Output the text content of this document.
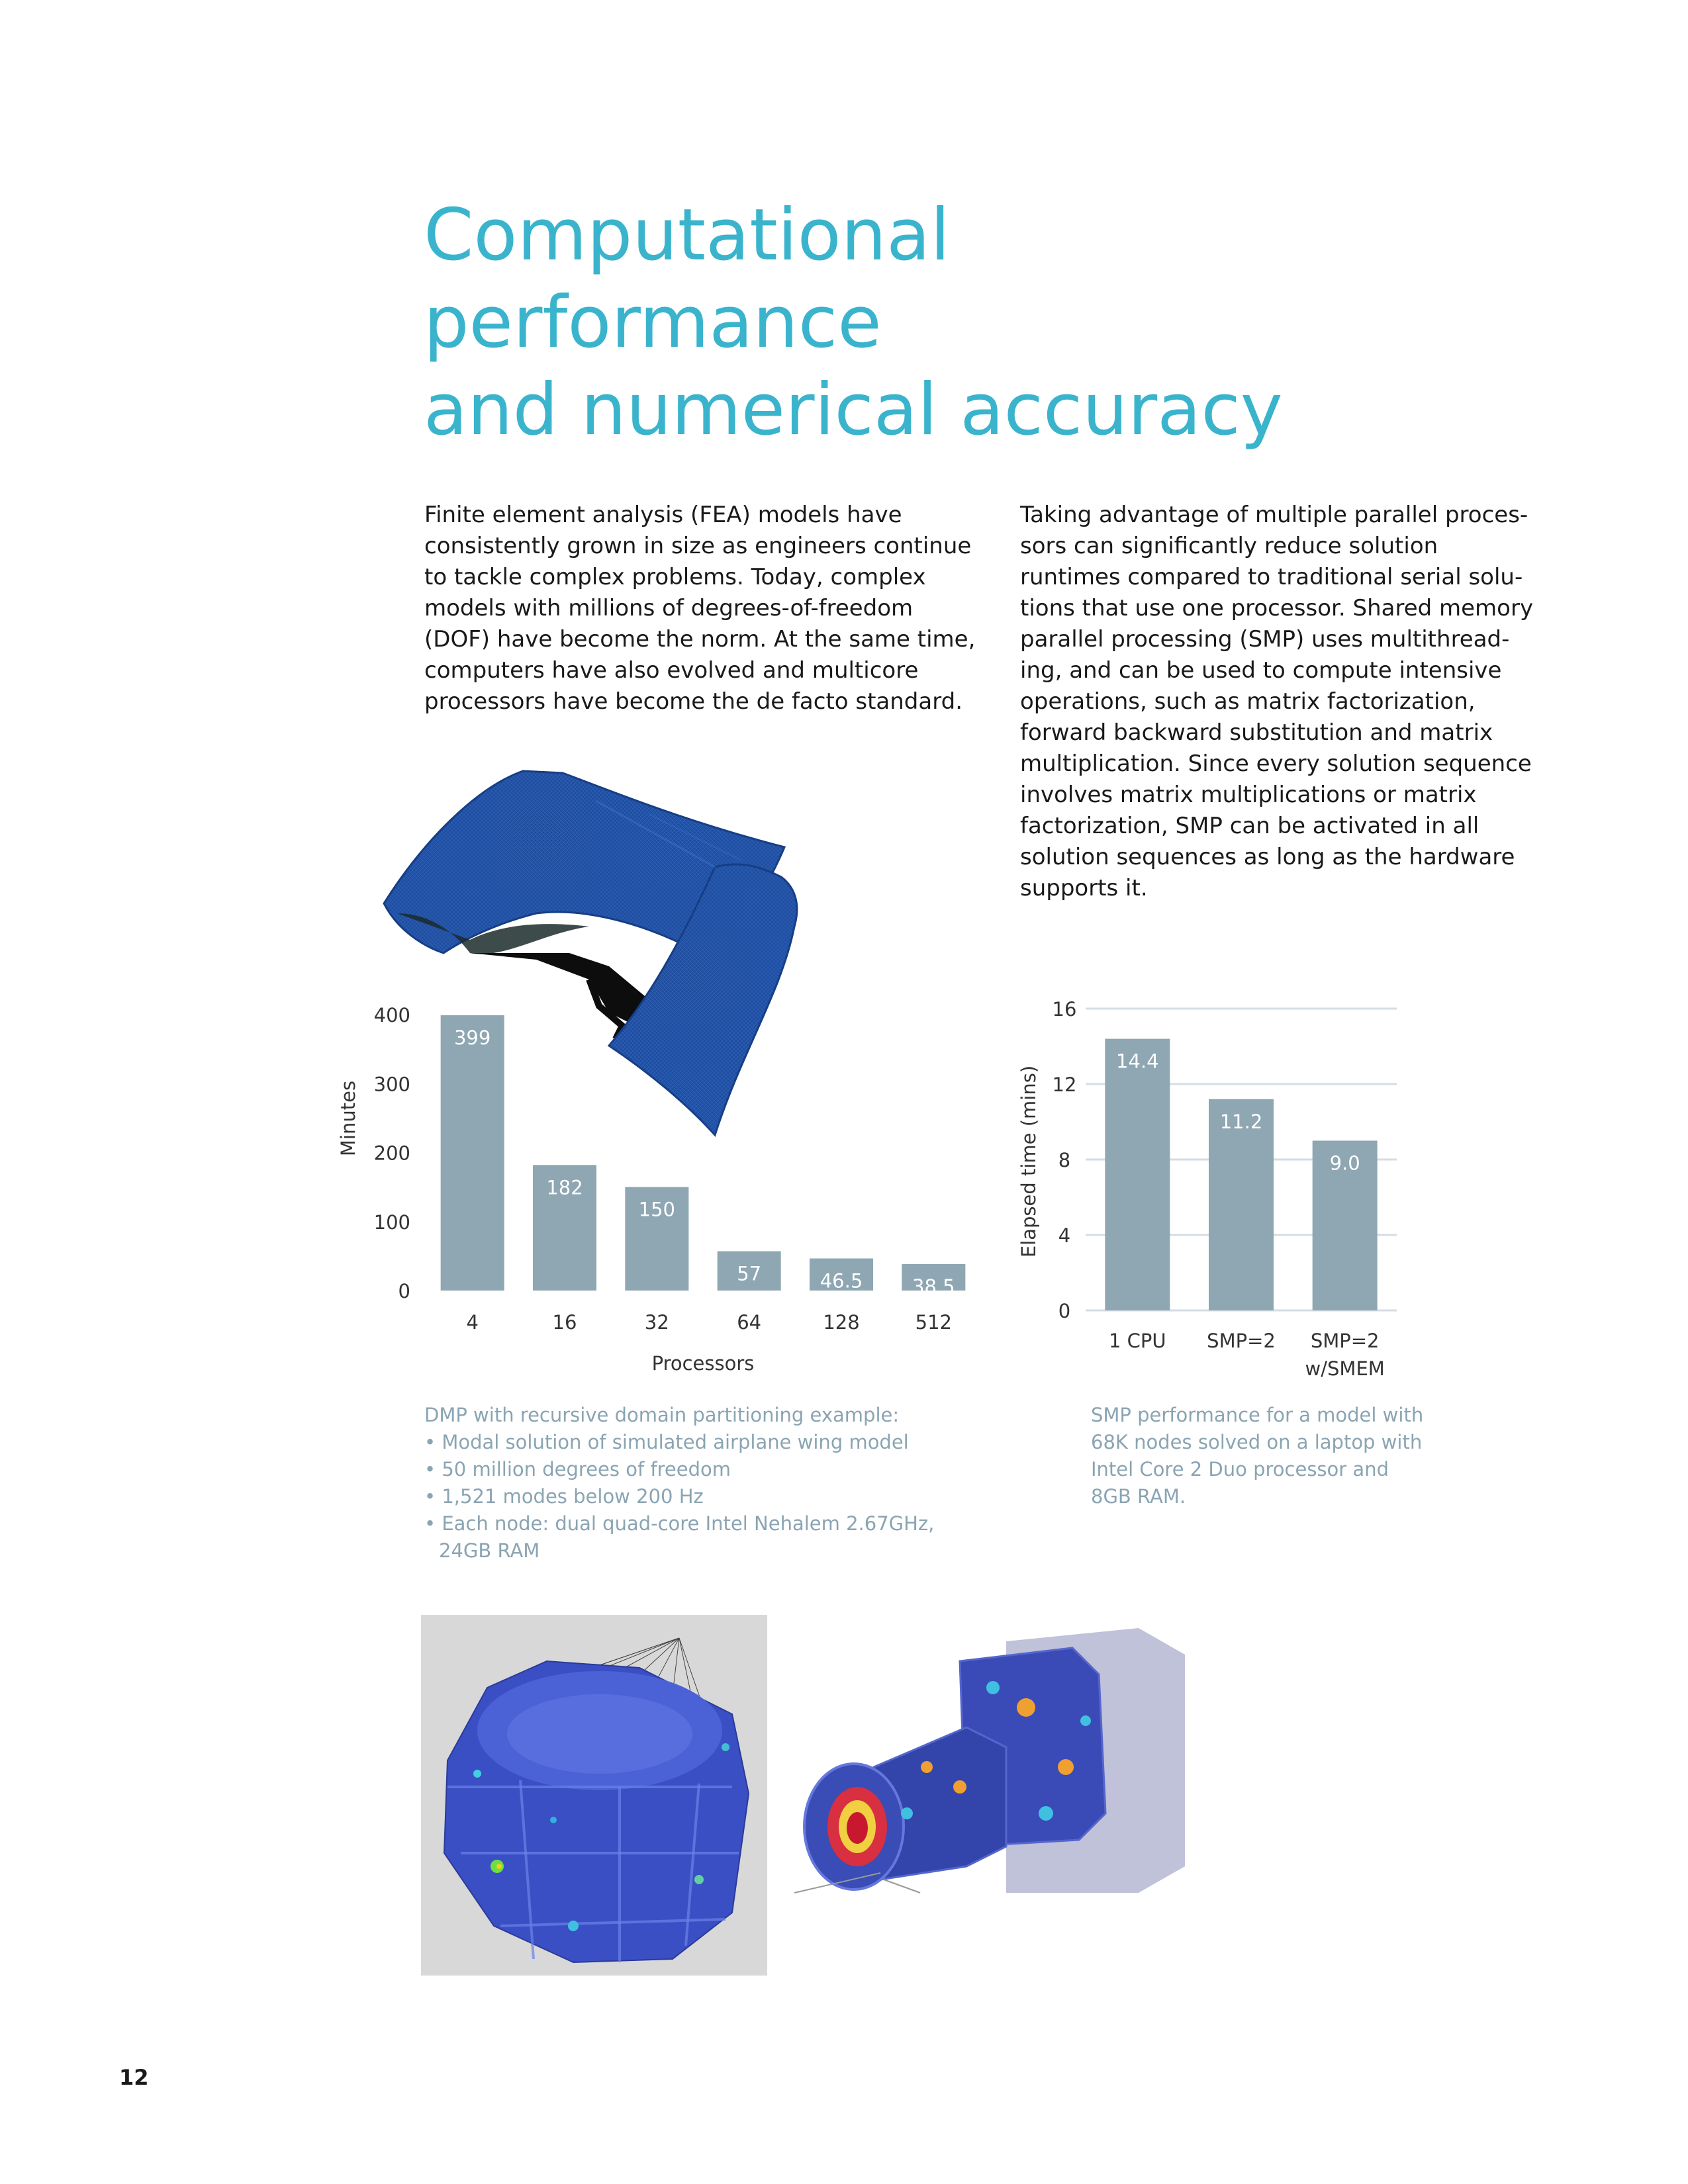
Computational performance
and numerical accuracy
Finite element analysis (FEA) models have
consistently grown in size as engineers continue
to tackle complex problems. Today, complex
models with millions of degrees-of-freedom
(DOF) have become the norm. At the same time,
computers have also evolved and multicore
processors have become the de facto standard.
Taking advantage of multiple parallel proces-
sors can significantly reduce solution
runtimes compared to traditional serial solu-
tions that use one processor. Shared memory
parallel processing (SMP) uses multithread-
ing, and can be used to compute intensive
operations, such as matrix factorization,
forward backward substitution and matrix
multiplication. Since every solution sequence
involves matrix multiplications or matrix
factorization, SMP can be activated in all
solution sequences as long as the hardware
supports it.
0
100
200
300
400
399
4
182
16
150
32
57
64
46.5
128
38.5
512
Processors
Minutes
0
4
8
12
16
14.4
1 CPU
11.2
SMP=2
9.0
SMP=2
w/SMEM
Elapsed time (mins)
DMP with recursive domain partitioning example:
• Modal solution of simulated airplane wing model
• 50 million degrees of freedom
• 1,521 modes below 200 Hz
• Each node: dual quad-core Intel Nehalem 2.67GHz,
24GB RAM
SMP performance for a model with
68K nodes solved on a laptop with
Intel Core 2 Duo processor and
8GB RAM.
12
